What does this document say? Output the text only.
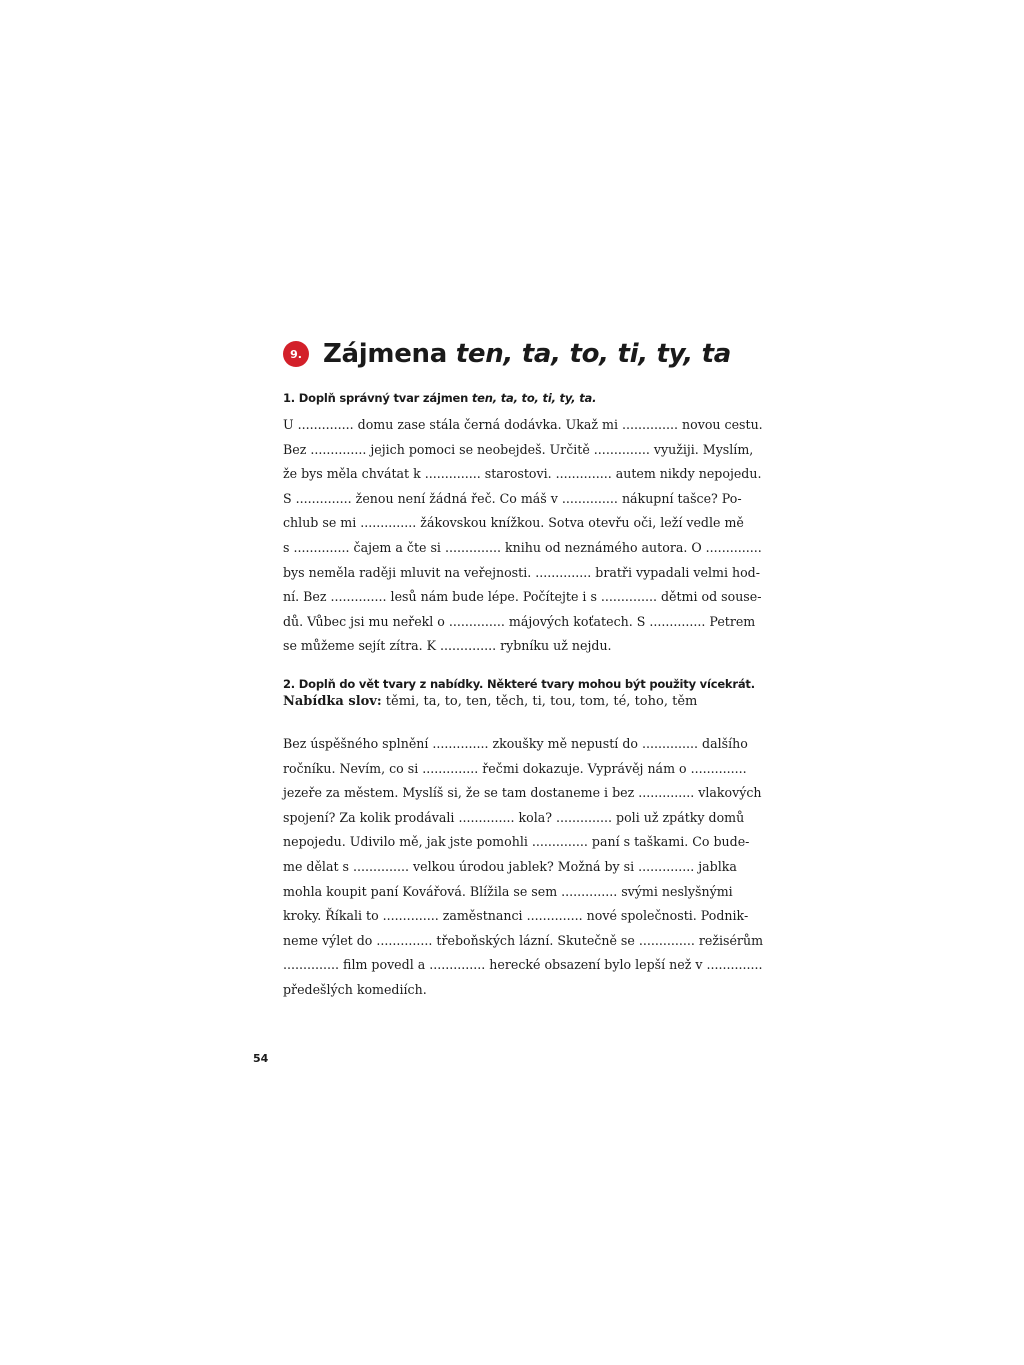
9. Zájmena ten, ta, to, ti, ty, ta
1. Doplň správný tvar zájmen ten, ta, to, ti, ty, ta.
U .............. domu zase stála černá dodávka. Ukaž mi .............. novou cestu.
Bez .............. jejich pomoci se neobejdeš. Určitě .............. využiji. Myslím,
že bys měla chvátat k .............. starostovi. .............. autem nikdy nepojedu.
S .............. ženou není žádná řeč. Co máš v .............. nákupní tašce? Po-
chlub se mi .............. žákovskou knížkou. Sotva otevřu oči, leží vedle mě
s .............. čajem a čte si .............. knihu od neznámého autora. O ..............
bys neměla raději mluvit na veřejnosti. .............. bratři vypadali velmi hod-
ní. Bez .............. lesů nám bude lépe. Počítejte i s .............. dětmi od souse-
dů. Vůbec jsi mu neřekl o .............. májových koťatech. S .............. Petrem
se můžeme sejít zítra. K .............. rybníku už nejdu.
2. Doplň do vět tvary z nabídky. Některé tvary mohou být použity vícekrát.
Nabídka slov: těmi, ta, to, ten, těch, ti, tou, tom, té, toho, těm
Bez úspěšného splnění .............. zkoušky mě nepustí do .............. dalšího
ročníku. Nevím, co si .............. řečmi dokazuje. Vyprávěj nám o ..............
jezeře za městem. Myslíš si, že se tam dostaneme i bez .............. vlakových
spojení? Za kolik prodávali .............. kola? .............. poli už zpátky domů
nepojedu. Udivilo mě, jak jste pomohli .............. paní s taškami. Co bude-
me dělat s .............. velkou úrodou jablek? Možná by si .............. jablka
mohla koupit paní Kovářová. Blížila se sem .............. svými neslyšnými
kroky. Říkali to .............. zaměstnanci .............. nové společnosti. Podnik-
neme výlet do .............. třeboňských lázní. Skutečně se .............. režisérům
.............. film povedl a .............. herecké obsazení bylo lepší než v ..............
předešlých komediích.
54
